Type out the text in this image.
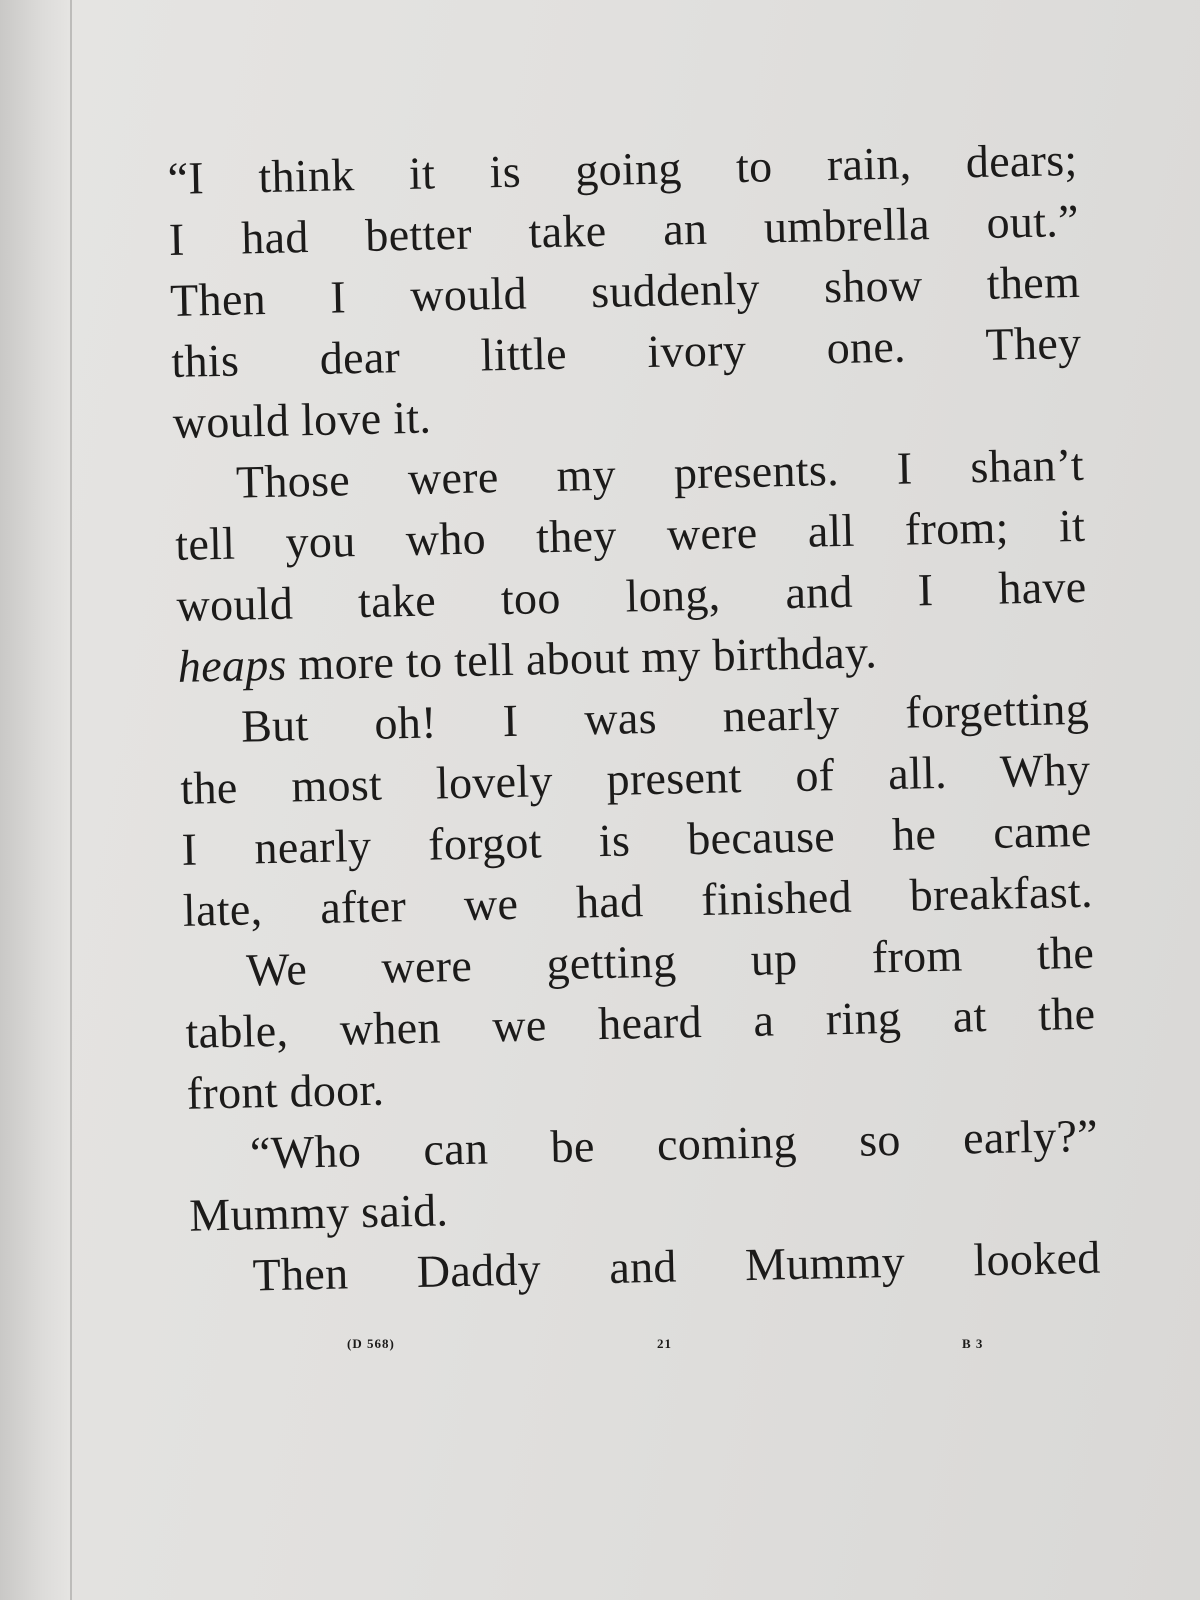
“I think it is going to rain, dears;
I had better take an umbrella out.”
Then I would suddenly show them
this dear little ivory one. They
would love it.
Those were my presents. I shan’t
tell you who they were all from; it
would take too long, and I have
heaps more to tell about my birthday.
But oh! I was nearly forgetting
the most lovely present of all. Why
I nearly forgot is because he came
late, after we had finished breakfast.
We were getting up from the
table, when we heard a ring at the
front door.
“Who can be coming so early?”
Mummy said.
Then Daddy and Mummy looked
(D 568)	21	B 3
